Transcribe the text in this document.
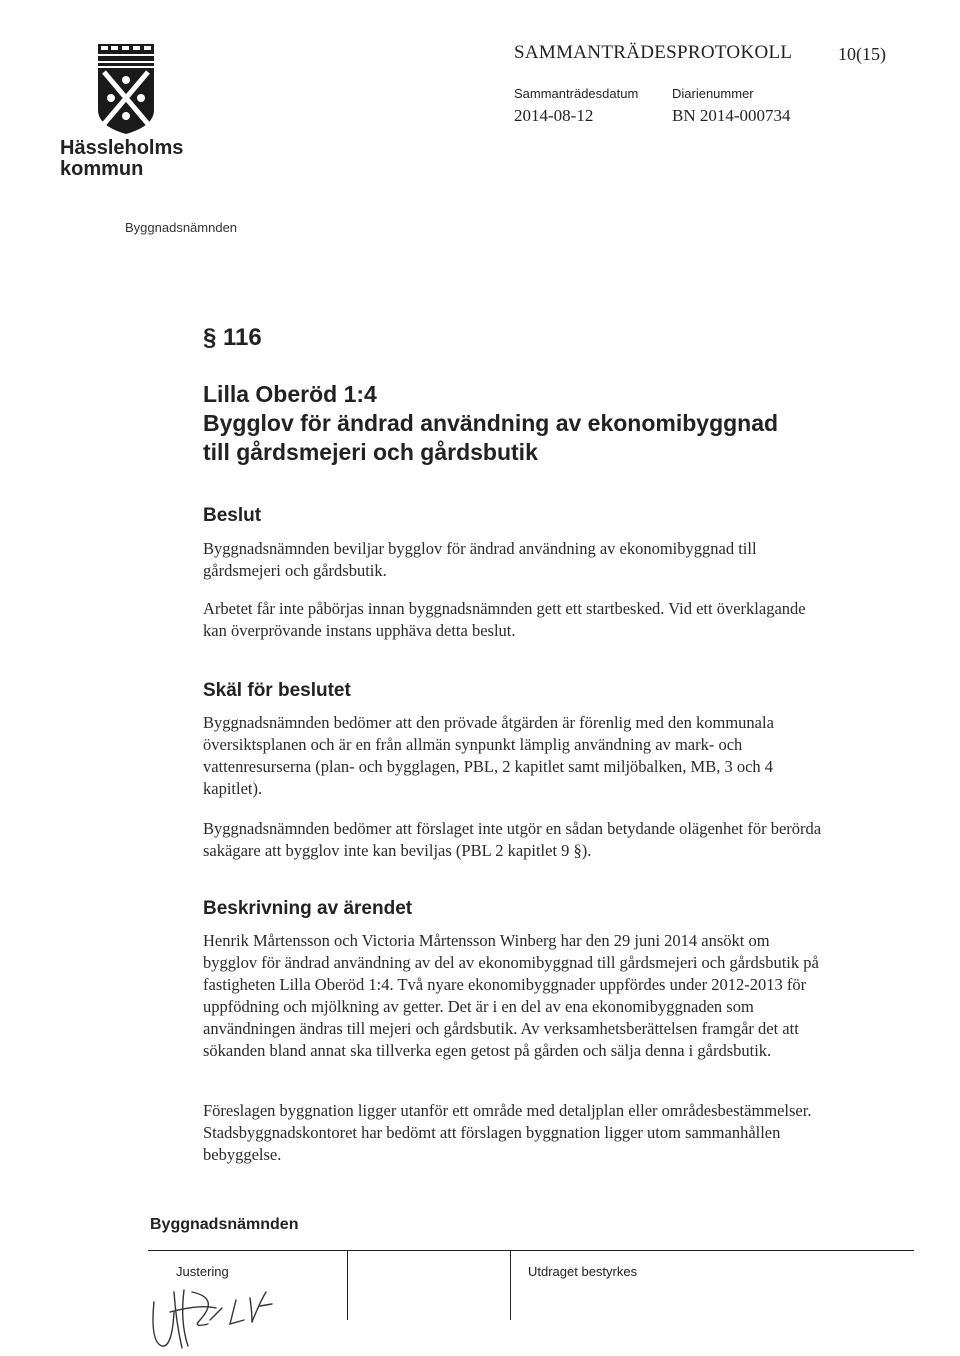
Hässleholms kommun
SAMMANTRÄDESPROTOKOLL	10(15)
Sammanträdesdatum
2014-08-12
Diarienummer
BN 2014-000734
Byggnadsnämnden
§ 116
Lilla Oberöd 1:4
Bygglov för ändrad användning av ekonomibyggnad
till gårdsmejeri och gårdsbutik
Beslut

Byggnadsnämnden beviljar bygglov för ändrad användning av ekonomibyggnad till gårdsmejeri och gårdsbutik.

Arbetet får inte påbörjas innan byggnadsnämnden gett ett startbesked. Vid ett överklagande kan överprövande instans upphäva detta beslut.

Skäl för beslutet

Byggnadsnämnden bedömer att den prövade åtgärden är förenlig med den kommunala översiktsplanen och är en från allmän synpunkt lämplig användning av mark- och vattenresurserna (plan- och bygglagen, PBL, 2 kapitlet samt miljöbalken, MB, 3 och 4 kapitlet).

Byggnadsnämnden bedömer att förslaget inte utgör en sådan betydande olägenhet för berörda sakägare att bygglov inte kan beviljas (PBL 2 kapitlet 9 §).

Beskrivning av ärendet

Henrik Mårtensson och Victoria Mårtensson Winberg har den 29 juni 2014 ansökt om bygglov för ändrad användning av del av ekonomibyggnad till gårdsmejeri och gårdsbutik på fastigheten Lilla Oberöd 1:4. Två nyare ekonomibyggnader uppfördes under 2012-2013 för uppfödning och mjölkning av getter. Det är i en del av ena ekonomibyggnaden som användningen ändras till mejeri och gårdsbutik. Av verksamhetsberättelsen framgår det att sökanden bland annat ska tillverka egen getost på gården och sälja denna i gårdsbutik.

Föreslagen byggnation ligger utanför ett område med detaljplan eller områdesbestämmelser. Stadsbyggnadskontoret har bedömt att förslagen byggnation ligger utom sammanhållen bebyggelse.

Byggnadsnämnden
Justering	Utdraget bestyrkes
